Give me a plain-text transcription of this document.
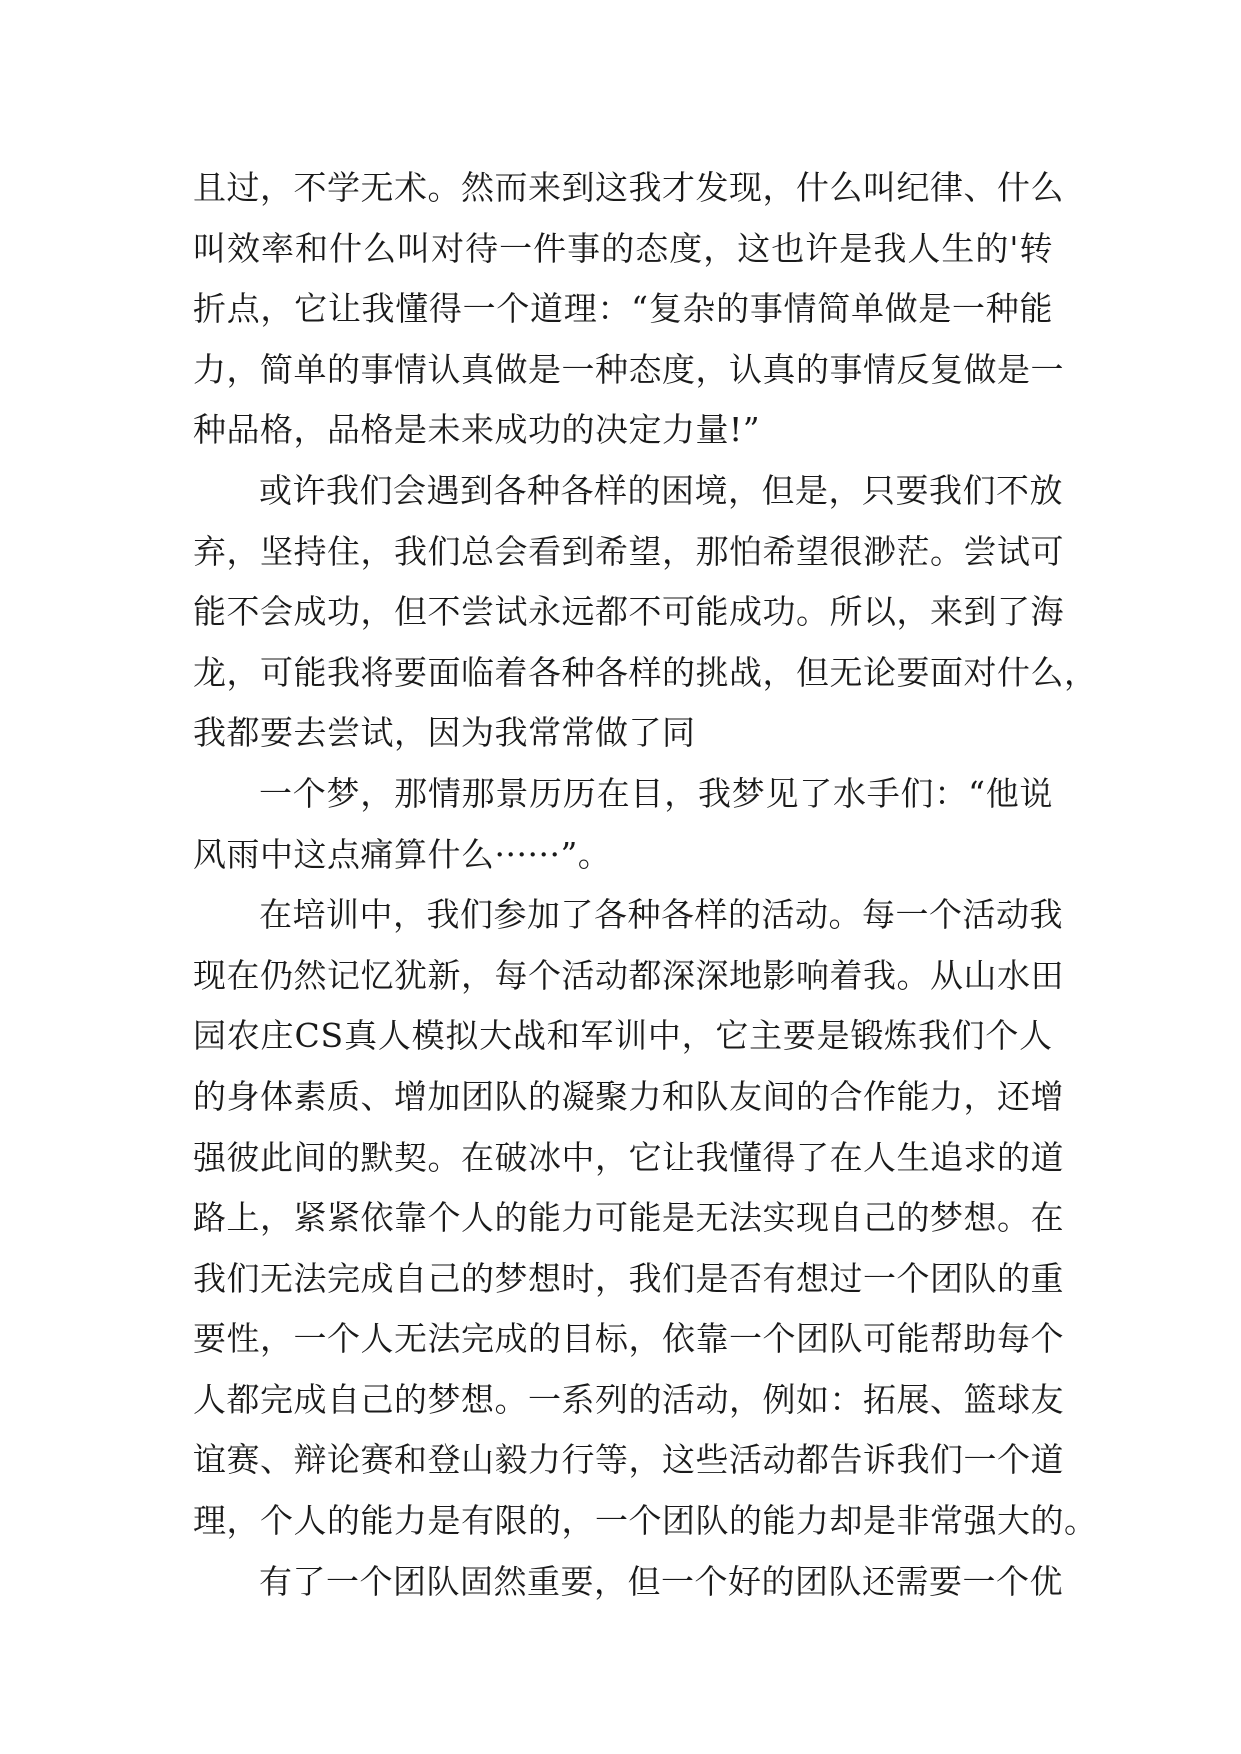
且 过 ， 不 学 无 术 。 然 而 来 到 这 我 才 发 现 ， 什 么 叫 纪 律 、 什 么
叫 效 率 和 什 么 叫 对 待 一 件 事 的 态 度 ， 这 也 许 是 我 人 生 的 ' 转
折 点 ， 它 让 我 懂 得 一 个 道 理 ： “ 复 杂 的 事 情 简 单 做 是 一 种 能
力 ， 简 单 的 事 情 认 真 做 是 一 种 态 度 ， 认 真 的 事 情 反 复 做 是 一
种品格，品格是未来成功的决定力量!”
或 许 我 们 会 遇 到 各 种 各 样 的 困 境 ， 但 是 ， 只 要 我 们 不 放
弃 ， 坚 持 住 ， 我 们 总 会 看 到 希 望 ， 那 怕 希 望 很 渺 茫 。 尝 试 可
能 不 会 成 功 ， 但 不 尝 试 永 远 都 不 可 能 成 功 。 所 以 ， 来 到 了 海
龙 ， 可 能 我 将 要 面 临 着 各 种 各 样 的 挑 战 ， 但 无 论 要 面 对 什 么 ，
我都要去尝试，因为我常常做了同
一 个 梦 ， 那 情 那 景 历 历 在 目 ， 我 梦 见 了 水 手 们 ： “ 他 说
风雨中这点痛算什么······”。
在 培 训 中 ， 我 们 参 加 了 各 种 各 样 的 活 动 。 每 一 个 活 动 我
现 在 仍 然 记 忆 犹 新 ， 每 个 活 动 都 深 深 地 影 响 着 我 。 从 山 水 田
园 农 庄 C S 真 人 模 拟 大 战 和 军 训 中 ， 它 主 要 是 锻 炼 我 们 个 人
的 身 体 素 质 、 增 加 团 队 的 凝 聚 力 和 队 友 间 的 合 作 能 力 ， 还 增
强 彼 此 间 的 默 契 。 在 破 冰 中 ， 它 让 我 懂 得 了 在 人 生 追 求 的 道
路 上 ， 紧 紧 依 靠 个 人 的 能 力 可 能 是 无 法 实 现 自 己 的 梦 想 。 在
我 们 无 法 完 成 自 己 的 梦 想 时 ， 我 们 是 否 有 想 过 一 个 团 队 的 重
要 性 ， 一 个 人 无 法 完 成 的 目 标 ， 依 靠 一 个 团 队 可 能 帮 助 每 个
人 都 完 成 自 己 的 梦 想 。 一 系 列 的 活 动 ， 例 如 ： 拓 展 、 篮 球 友
谊 赛 、 辩 论 赛 和 登 山 毅 力 行 等 ， 这 些 活 动 都 告 诉 我 们 一 个 道
理 ， 个 人 的 能 力 是 有 限 的 ， 一 个 团 队 的 能 力 却 是 非 常 强 大 的 。
有 了 一 个 团 队 固 然 重 要 ， 但 一 个 好 的 团 队 还 需 要 一 个 优
